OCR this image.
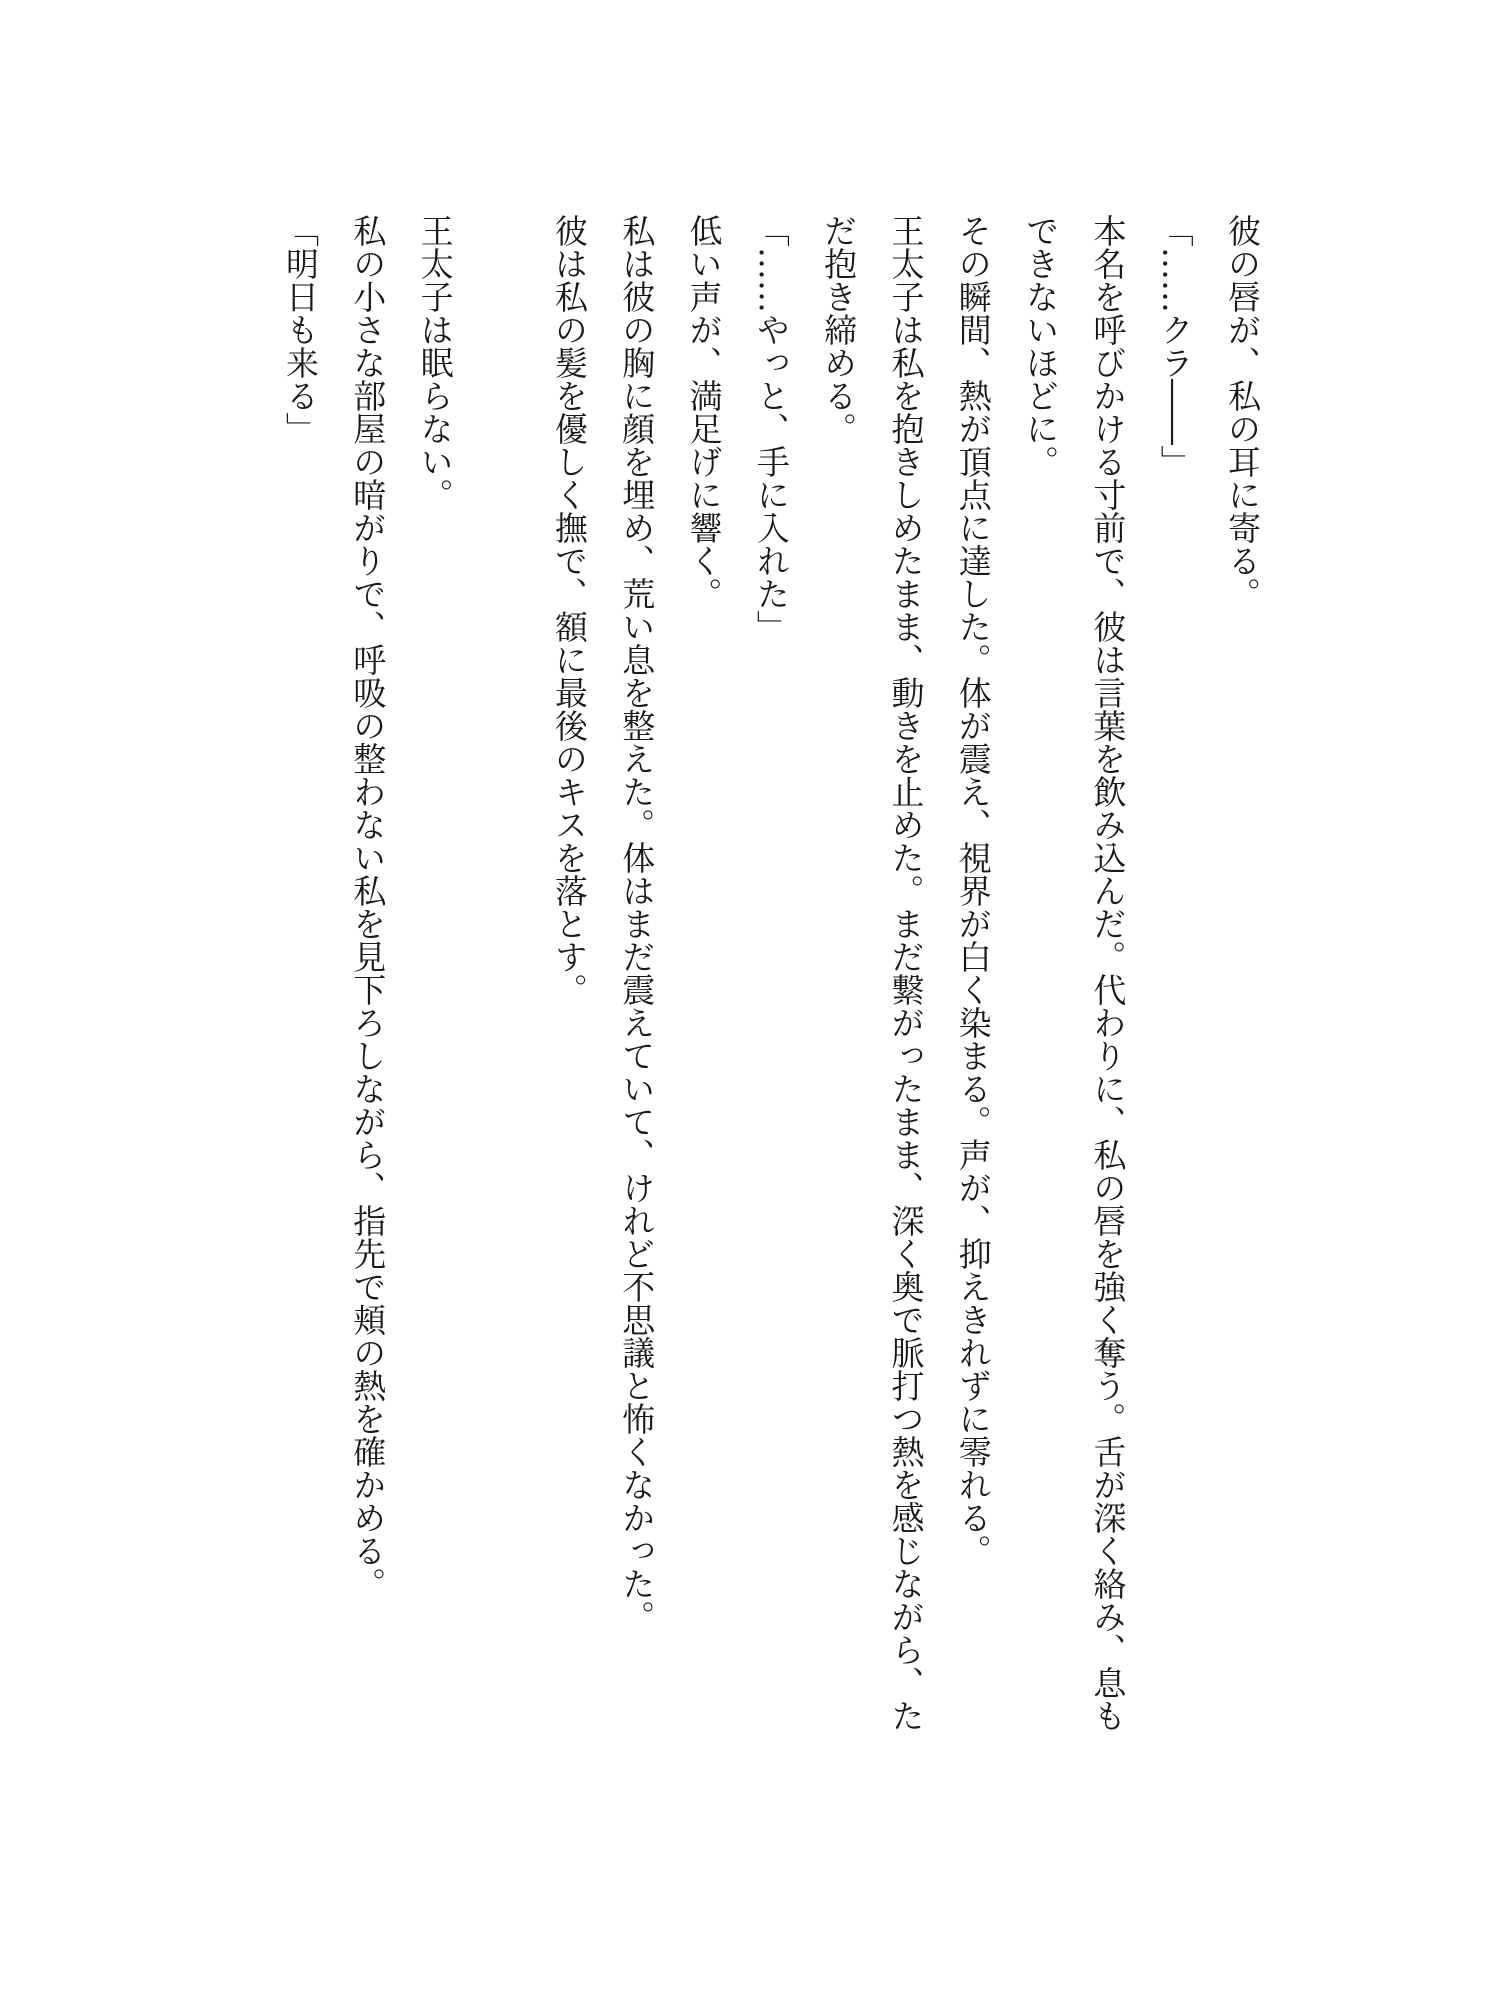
彼の唇が、私の耳に寄る。

「……クラ――」

本名を呼びかける寸前で、彼は言葉を飲み込んだ。代わりに、私の唇を強く奪う。舌が深く絡み、息もできないほどに。

その瞬間、熱が頂点に達した。体が震え、視界が白く染まる。声が、抑えきれずに零れる。

王太子は私を抱きしめたまま、動きを止めた。まだ繋がったまま、深く奥で脈打つ熱を感じながら、ただ抱き締める。

「……やっと、手に入れた」

低い声が、満足げに響く。

私は彼の胸に顔を埋め、荒い息を整えた。体はまだ震えていて、けれど不思議と怖くなかった。

彼は私の髪を優しく撫で、額に最後のキスを落とす。

王太子は眠らない。

私の小さな部屋の暗がりで、呼吸の整わない私を見下ろしながら、指先で頬の熱を確かめる。

「明日も来る」
